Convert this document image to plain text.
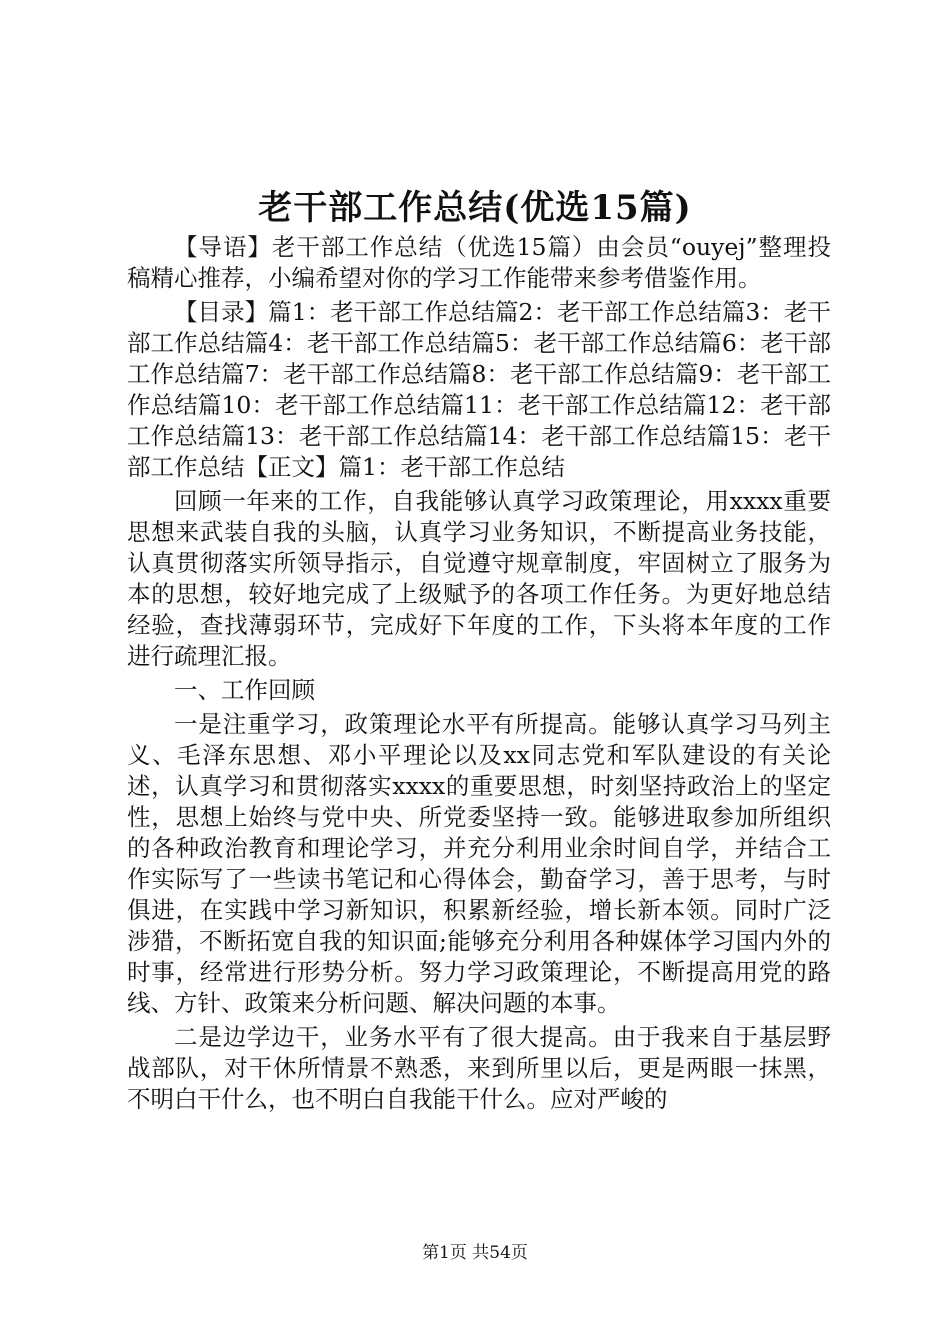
老干部工作总结(优选15篇)

【导语】老干部工作总结（优选15篇）由会员“ouyej”整理投稿精心推荐，小编希望对你的学习工作能带来参考借鉴作用。

【目录】篇1：老干部工作总结篇2：老干部工作总结篇3：老干部工作总结篇4：老干部工作总结篇5：老干部工作总结篇6：老干部工作总结篇7：老干部工作总结篇8：老干部工作总结篇9：老干部工作总结篇10：老干部工作总结篇11：老干部工作总结篇12：老干部工作总结篇13：老干部工作总结篇14：老干部工作总结篇15：老干部工作总结【正文】篇1：老干部工作总结

回顾一年来的工作，自我能够认真学习政策理论，用xxxx重要思想来武装自我的头脑，认真学习业务知识，不断提高业务技能，认真贯彻落实所领导指示，自觉遵守规章制度，牢固树立了服务为本的思想，较好地完成了上级赋予的各项工作任务。为更好地总结经验，查找薄弱环节，完成好下年度的工作，下头将本年度的工作进行疏理汇报。

一、工作回顾

一是注重学习，政策理论水平有所提高。能够认真学习马列主义、毛泽东思想、邓小平理论以及xx同志党和军队建设的有关论述，认真学习和贯彻落实xxxx的重要思想，时刻坚持政治上的坚定性，思想上始终与党中央、所党委坚持一致。能够进取参加所组织的各种政治教育和理论学习，并充分利用业余时间自学，并结合工作实际写了一些读书笔记和心得体会，勤奋学习，善于思考，与时俱进，在实践中学习新知识，积累新经验，增长新本领。同时广泛涉猎，不断拓宽自我的知识面;能够充分利用各种媒体学习国内外的时事，经常进行形势分析。努力学习政策理论，不断提高用党的路线、方针、政策来分析问题、解决问题的本事。

二是边学边干，业务水平有了很大提高。由于我来自于基层野战部队，对干休所情景不熟悉，来到所里以后，更是两眼一抹黑，不明白干什么，也不明白自我能干什么。应对严峻的

第1页 共54页
